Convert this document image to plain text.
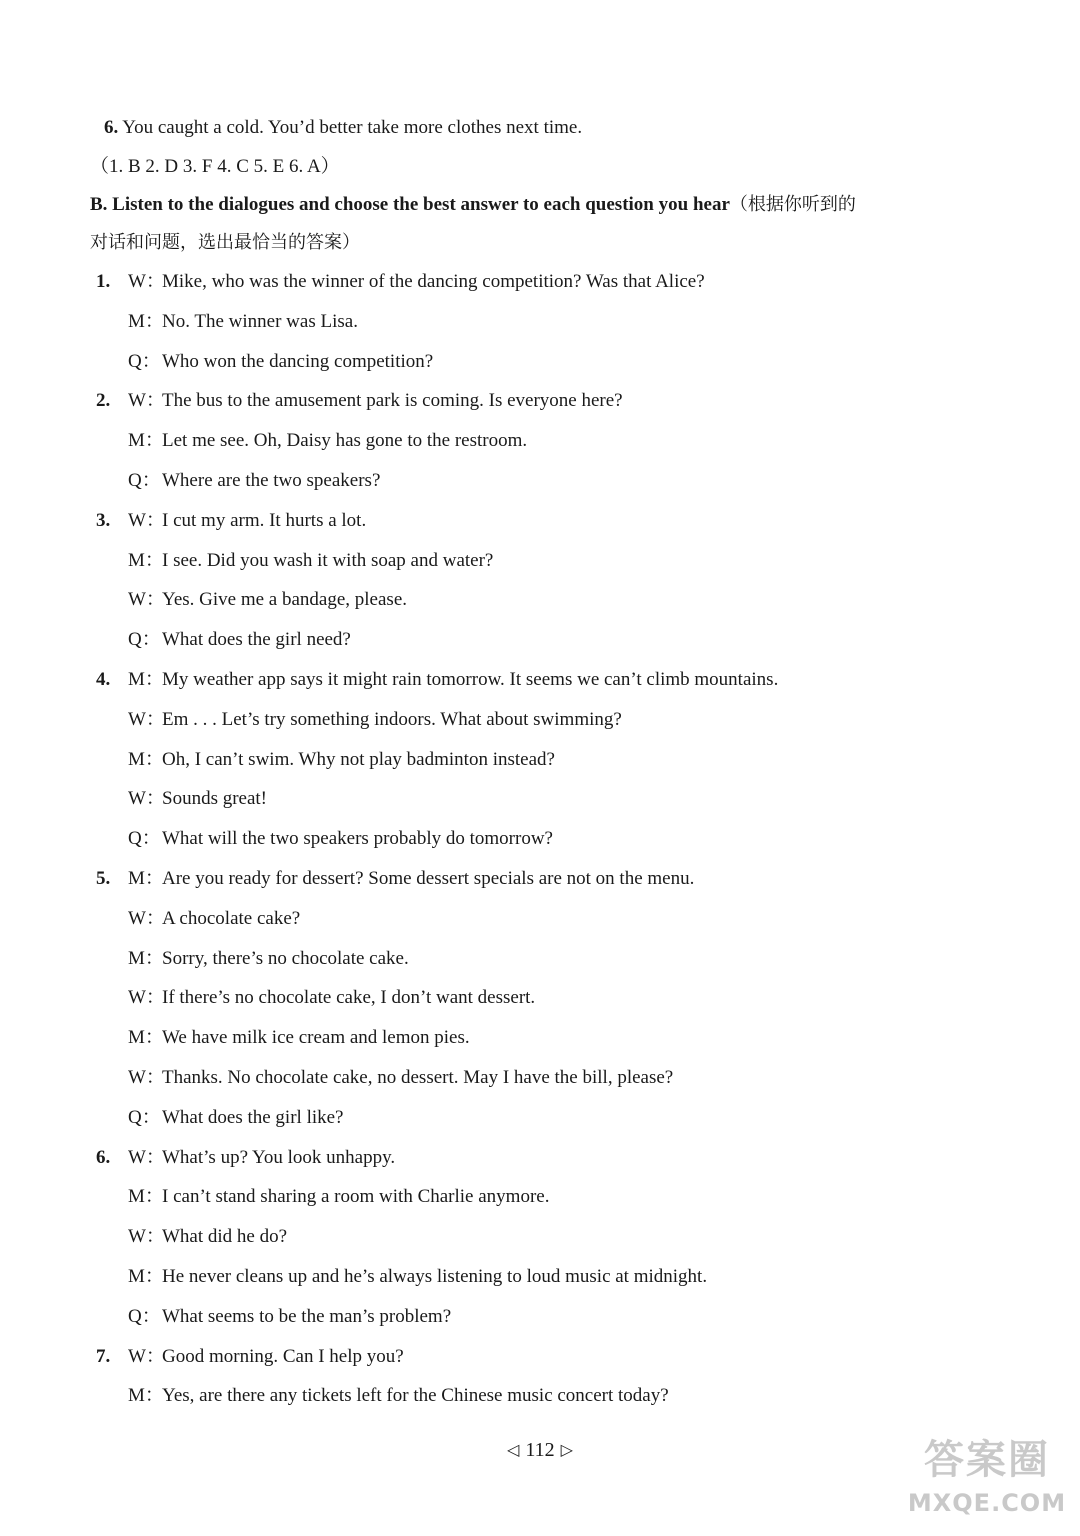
6. You caught a cold. You’d better take more clothes next time.
（1. B 2. D 3. F 4. C 5. E 6. A）
B. Listen to the dialogues and choose the best answer to each question you hear（根据你听到的
对话和问题，选出最恰当的答案）
1. W：Mike, who was the winner of the dancing competition? Was that Alice?
M：No. The winner was Lisa.
Q：Who won the dancing competition?
2. W：The bus to the amusement park is coming. Is everyone here?
M：Let me see. Oh, Daisy has gone to the restroom.
Q：Where are the two speakers?
3. W：I cut my arm. It hurts a lot.
M：I see. Did you wash it with soap and water?
W：Yes. Give me a bandage, please.
Q：What does the girl need?
4. M：My weather app says it might rain tomorrow. It seems we can’t climb mountains.
W：Em . . . Let’s try something indoors. What about swimming?
M：Oh, I can’t swim. Why not play badminton instead?
W：Sounds great!
Q：What will the two speakers probably do tomorrow?
5. M：Are you ready for dessert? Some dessert specials are not on the menu.
W：A chocolate cake?
M：Sorry, there’s no chocolate cake.
W：If there’s no chocolate cake, I don’t want dessert.
M：We have milk ice cream and lemon pies.
W：Thanks. No chocolate cake, no dessert. May I have the bill, please?
Q：What does the girl like?
6. W：What’s up? You look unhappy.
M：I can’t stand sharing a room with Charlie anymore.
W：What did he do?
M：He never cleans up and he’s always listening to loud music at midnight.
Q：What seems to be the man’s problem?
7. W：Good morning. Can I help you?
M：Yes, are there any tickets left for the Chinese music concert today?
◁ 112 ▷	答案圈
MXQE.COM
